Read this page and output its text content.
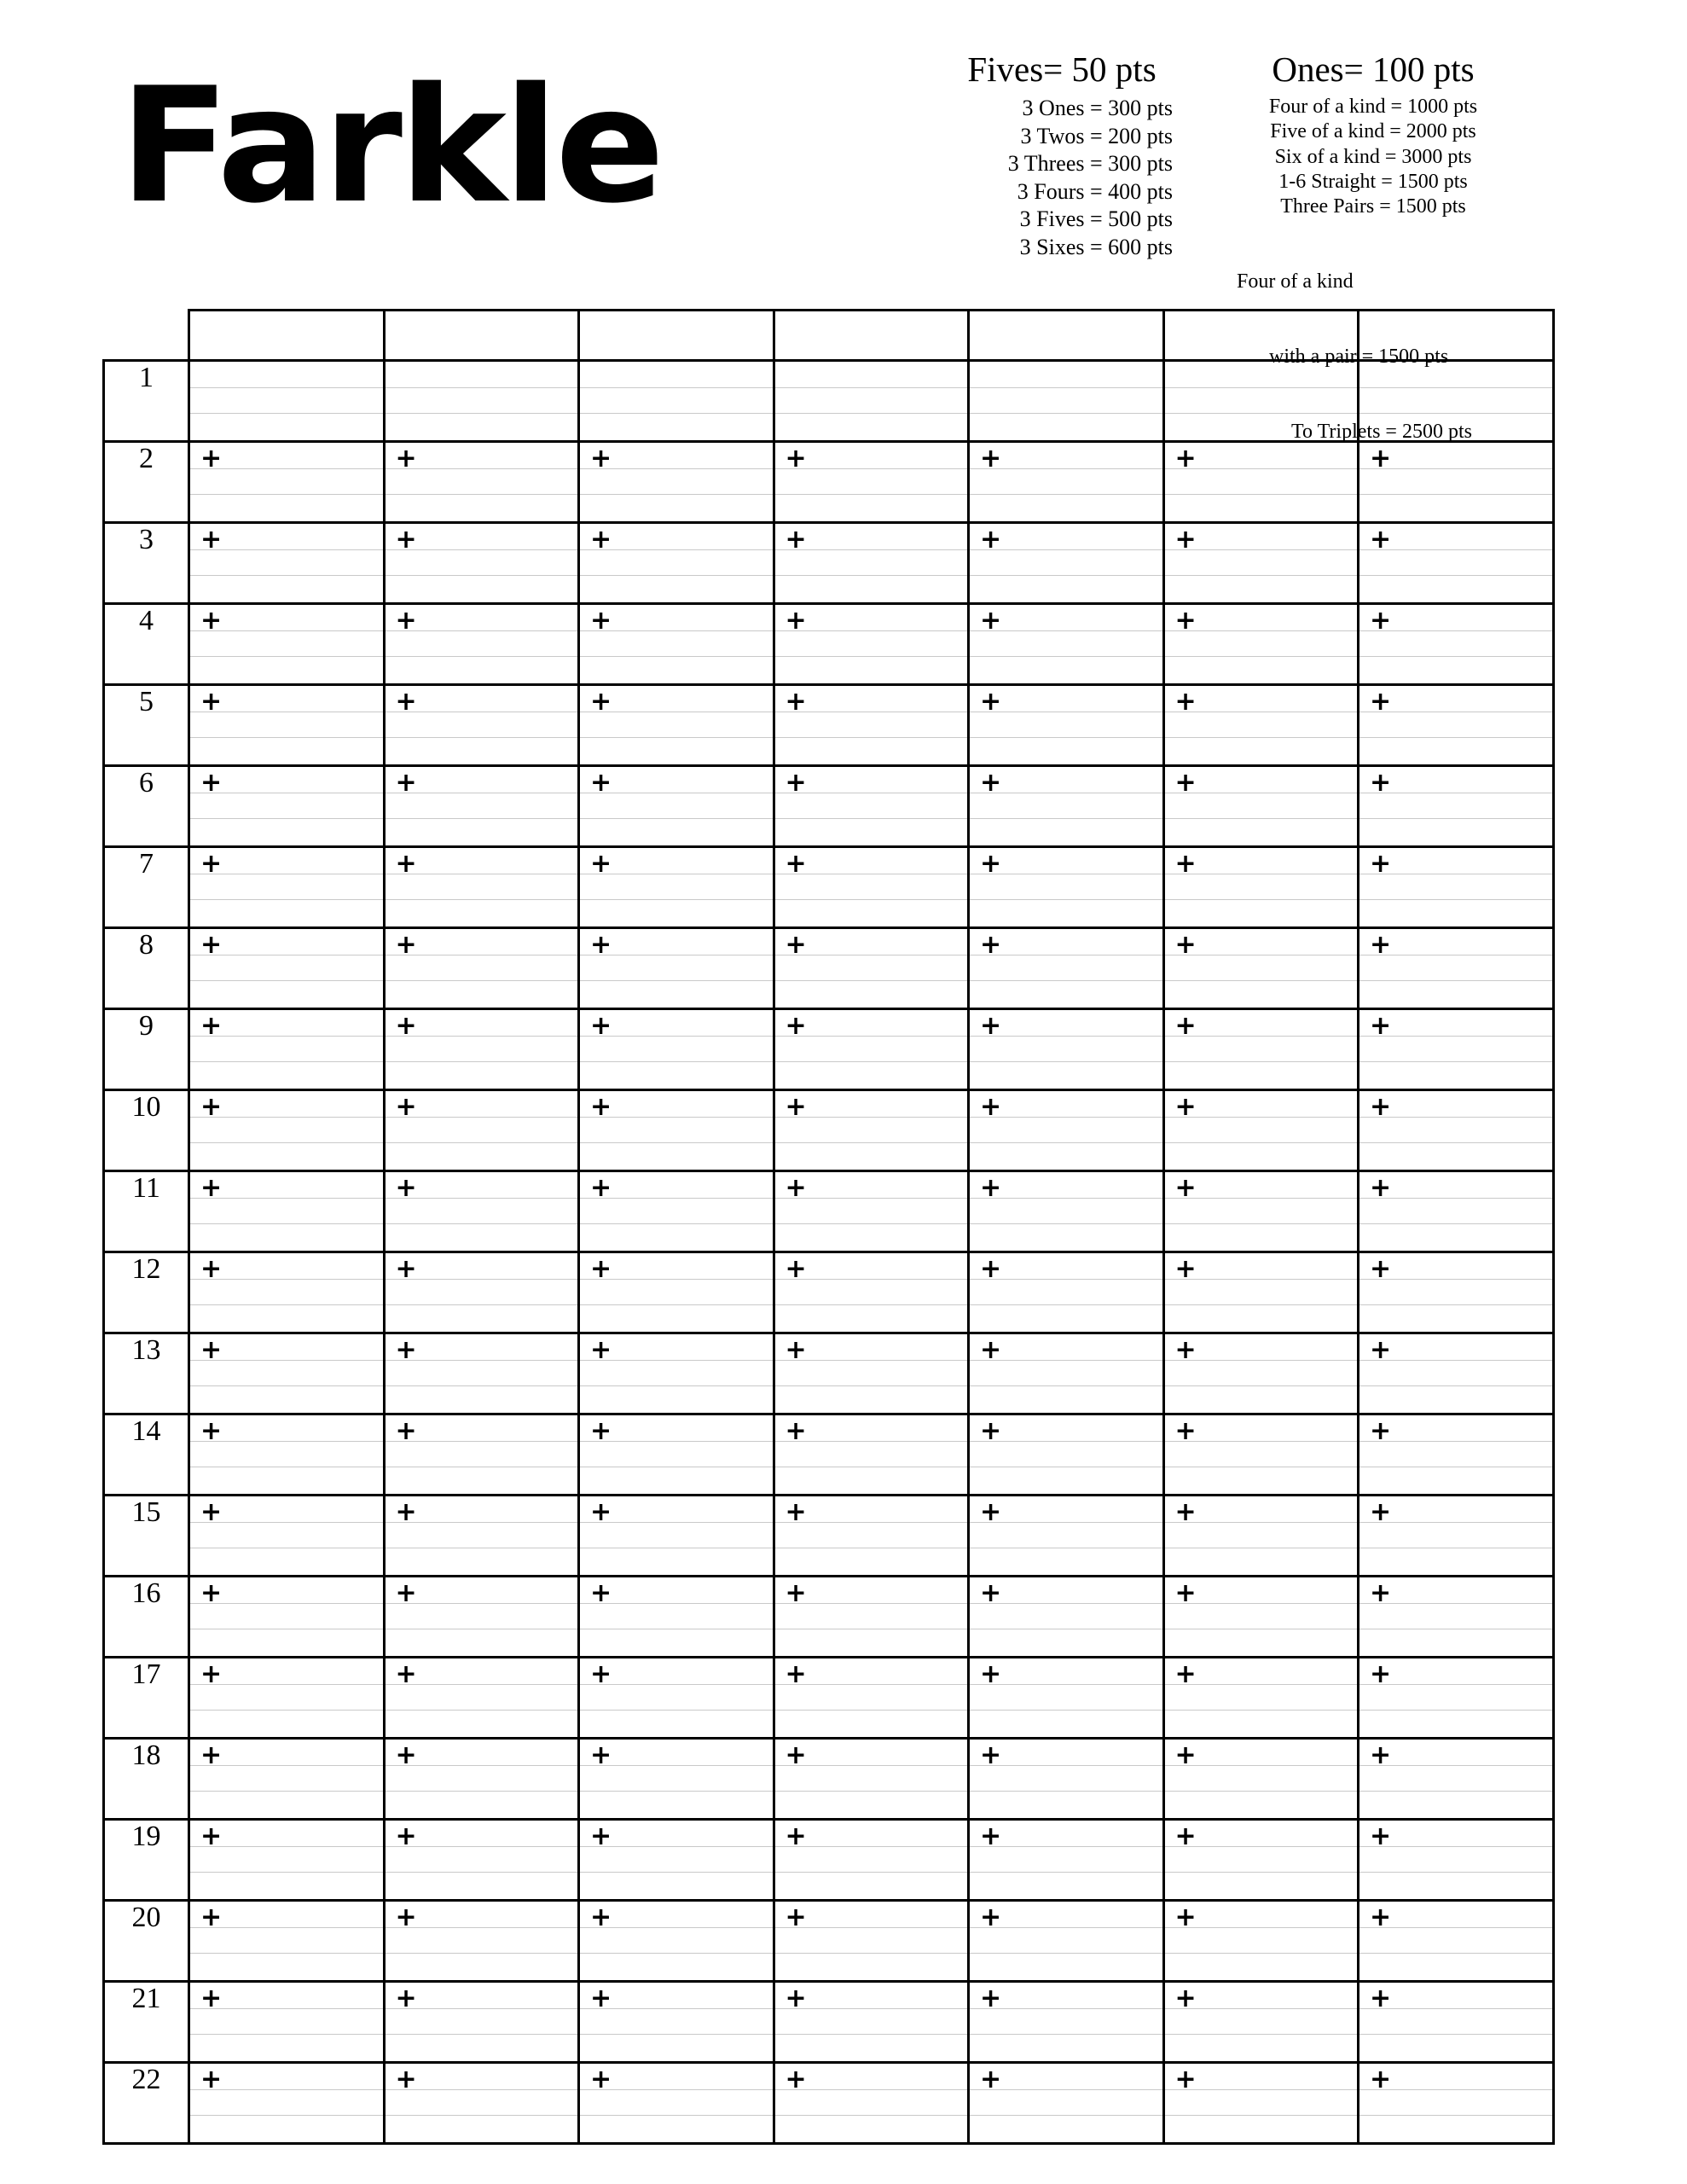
Farkle	Fives= 50 pts
3 Ones = 300 pts
3 Twos = 200 pts
3 Threes = 300 pts
3 Fours = 400 pts
3 Fives = 500 pts
3 Sixes = 600 pts
Ones= 100 pts
Four of a kind = 1000 pts
Five of a kind = 2000 pts
Six of a kind = 3000 pts
1-6 Straight = 1500 pts
Three Pairs = 1500 pts

Four of a kind

with a pair = 1500 pts

To Triplets = 2500 pts

1	

2	+	+	+	+	+	+	+

3	+	+	+	+	+	+	+

4	+	+	+	+	+	+	+

5	+	+	+	+	+	+	+

6	+	+	+	+	+	+	+

7	+	+	+	+	+	+	+

8	+	+	+	+	+	+	+

9	+	+	+	+	+	+	+

10	+	+	+	+	+	+	+

11	+	+	+	+	+	+	+

12	+	+	+	+	+	+	+

13	+	+	+	+	+	+	+

14	+	+	+	+	+	+	+

15	+	+	+	+	+	+	+

16	+	+	+	+	+	+	+

17	+	+	+	+	+	+	+

18	+	+	+	+	+	+	+

19	+	+	+	+	+	+	+

20	+	+	+	+	+	+	+

21	+	+	+	+	+	+	+

22	+	+	+	+	+	+	+
